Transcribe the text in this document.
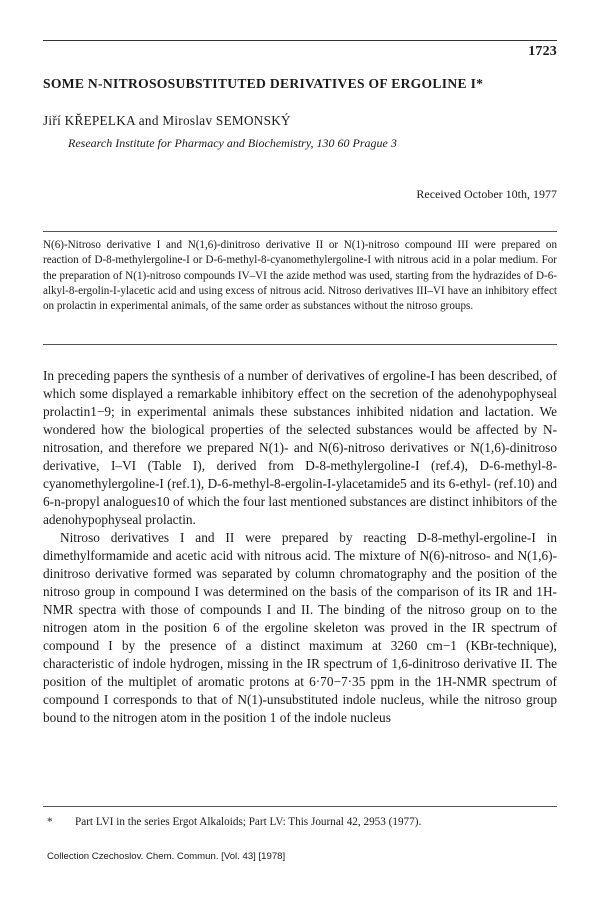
1723
SOME N-NITROSOSUBSTITUTED DERIVATIVES OF ERGOLINE I*
Jiří KŘEPELKA and Miroslav SEMONSKÝ
Research Institute for Pharmacy and Biochemistry, 130 60 Prague 3
Received October 10th, 1977

N(6)-Nitroso derivative I and N(1,6)-dinitroso derivative II or N(1)-nitroso compound III were prepared on reaction of D-8-methylergoline-I or D-6-methyl-8-cyanomethylergoline-I with nitrous acid in a polar medium. For the preparation of N(1)-nitroso compounds IV–VI the azide method was used, starting from the hydrazides of D-6-alkyl-8-ergolin-I-ylacetic acid and using excess of nitrous acid. Nitroso derivatives III–VI have an inhibitory effect on prolactin in experimental animals, of the same order as substances without the nitroso groups.

In preceding papers the synthesis of a number of derivatives of ergoline-I has been described, of which some displayed a remarkable inhibitory effect on the secretion of the adenohypophyseal prolactin1−9; in experimental animals these substances inhibited nidation and lactation. We wondered how the biological properties of the selected substances would be affected by N-nitrosation, and therefore we prepared N(1)- and N(6)-nitroso derivatives or N(1,6)-dinitroso derivative, I–VI (Table I), derived from D-8-methylergoline-I (ref.4), D-6-methyl-8-cyanomethylergoline-I (ref.1), D-6-methyl-8-ergolin-I-ylacetamide5 and its 6-ethyl- (ref.10) and 6-n-propyl analogues10 of which the four last mentioned substances are distinct inhibitors of the adenohypophyseal prolactin.

Nitroso derivatives I and II were prepared by reacting D-8-methyl-ergoline-I in dimethylformamide and acetic acid with nitrous acid. The mixture of N(6)-nitroso- and N(1,6)-dinitroso derivative formed was separated by column chromatography and the position of the nitroso group in compound I was determined on the basis of the comparison of its IR and 1H-NMR spectra with those of compounds I and II. The binding of the nitroso group on to the nitrogen atom in the position 6 of the ergoline skeleton was proved in the IR spectrum of compound I by the presence of a distinct maximum at 3260 cm−1 (KBr-technique), characteristic of indole hydrogen, missing in the IR spectrum of 1,6-dinitroso derivative II. The position of the multiplet of aromatic protons at 6·70−7·35 ppm in the 1H-NMR spectrum of compound I corresponds to that of N(1)-unsubstituted indole nucleus, while the nitroso group bound to the nitrogen atom in the position 1 of the indole nucleus

* Part LVI in the series Ergot Alkaloids; Part LV: This Journal 42, 2953 (1977).
Collection Czechoslov. Chem. Commun. [Vol. 43] [1978]
